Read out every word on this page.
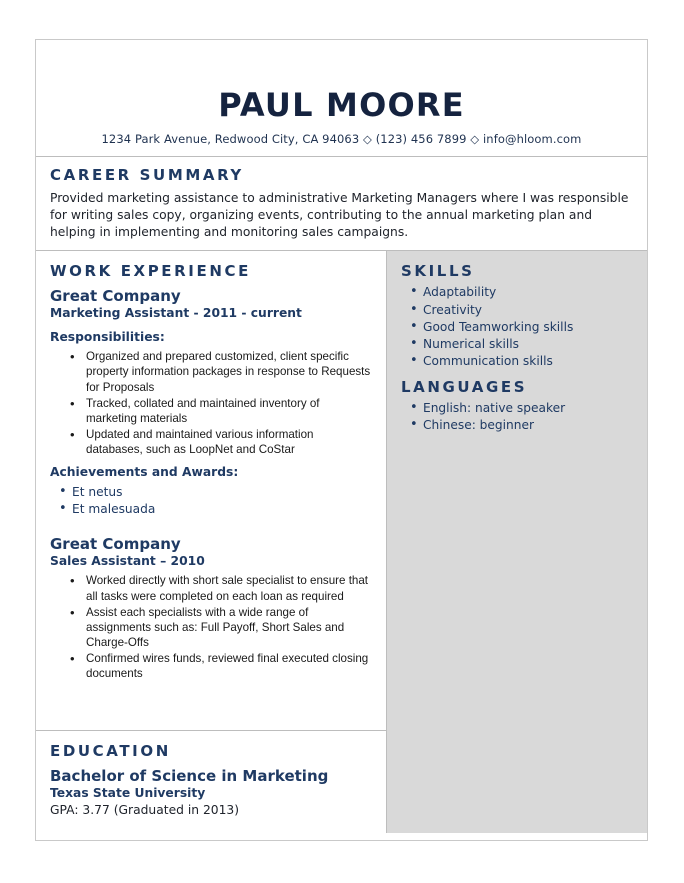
PAUL MOORE
1234 Park Avenue, Redwood City, CA 94063 ◇ (123) 456 7899 ◇ info@hloom.com
CAREER SUMMARY
Provided marketing assistance to administrative Marketing Managers where I was responsible for writing sales copy, organizing events, contributing to the annual marketing plan and helping in implementing and monitoring sales campaigns.
WORK EXPERIENCE
Great Company
Marketing Assistant - 2011 - current
Responsibilities:
• Organized and prepared customized, client specific property information packages in response to Requests for Proposals
• Tracked, collated and maintained inventory of marketing materials
• Updated and maintained various information databases, such as LoopNet and CoStar
Achievements and Awards:
• Et netus
• Et malesuada
Great Company
Sales Assistant – 2010
• Worked directly with short sale specialist to ensure that all tasks were completed on each loan as required
• Assist each specialists with a wide range of assignments such as: Full Payoff, Short Sales and Charge-Offs
• Confirmed wires funds, reviewed final executed closing documents
EDUCATION
Bachelor of Science in Marketing
Texas State University
GPA: 3.77 (Graduated in 2013)
SKILLS
• Adaptability
• Creativity
• Good Teamworking skills
• Numerical skills
• Communication skills
LANGUAGES
• English: native speaker
• Chinese: beginner
